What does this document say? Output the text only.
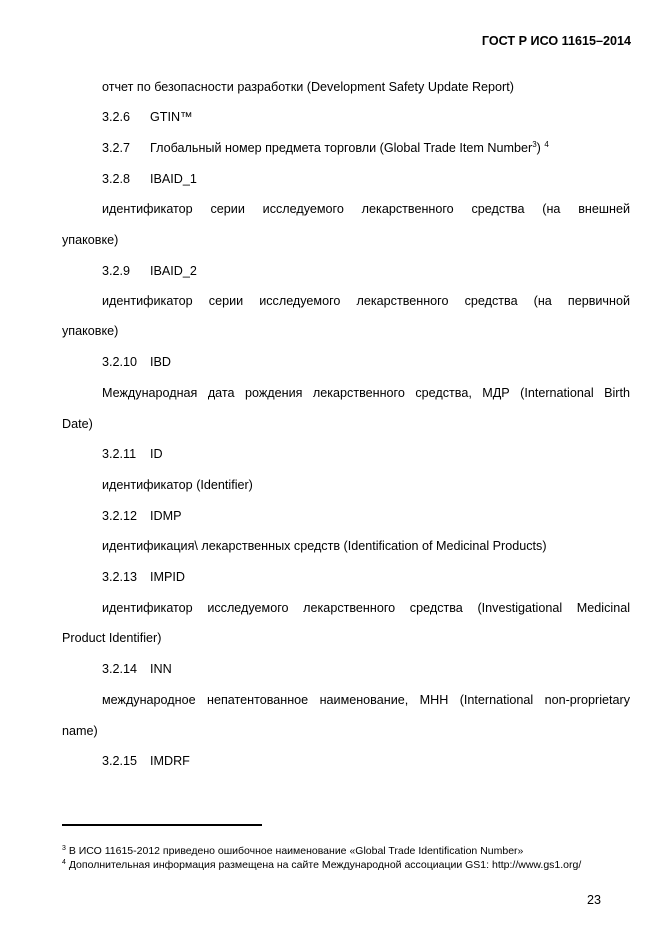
ГОСТ Р ИСО 11615–2014
отчет по безопасности разработки (Development Safety Update Report)
3.2.6 GTIN™
3.2.7 Глобальный номер предмета торговли (Global Trade Item Number$^3$) $^4$
3.2.8 IBAID_1
идентификатор серии исследуемого лекарственного средства (на внешней
упаковке)
3.2.9 IBAID_2
идентификатор серии исследуемого лекарственного средства (на первичной
упаковке)
3.2.10 IBD
Международная дата рождения лекарственного средства, МДР (International Birth
Date)
3.2.11 ID
идентификатор (Identifier)
3.2.12 IDMP
идентификация\ лекарственных средств (Identification of Medicinal Products)
3.2.13 IMPID
идентификатор исследуемого лекарственного средства (Investigational Medicinal
Product Identifier)
3.2.14 INN
международное непатентованное наименование, МНН (International non-proprietary
name)
3.2.15 IMDRF
$^3$ В ИСО 11615-2012 приведено ошибочное наименование «Global Trade Identification Number»
$^4$ Дополнительная информация размещена на сайте Международной ассоциации GS1: http://www.gs1.org/
23
